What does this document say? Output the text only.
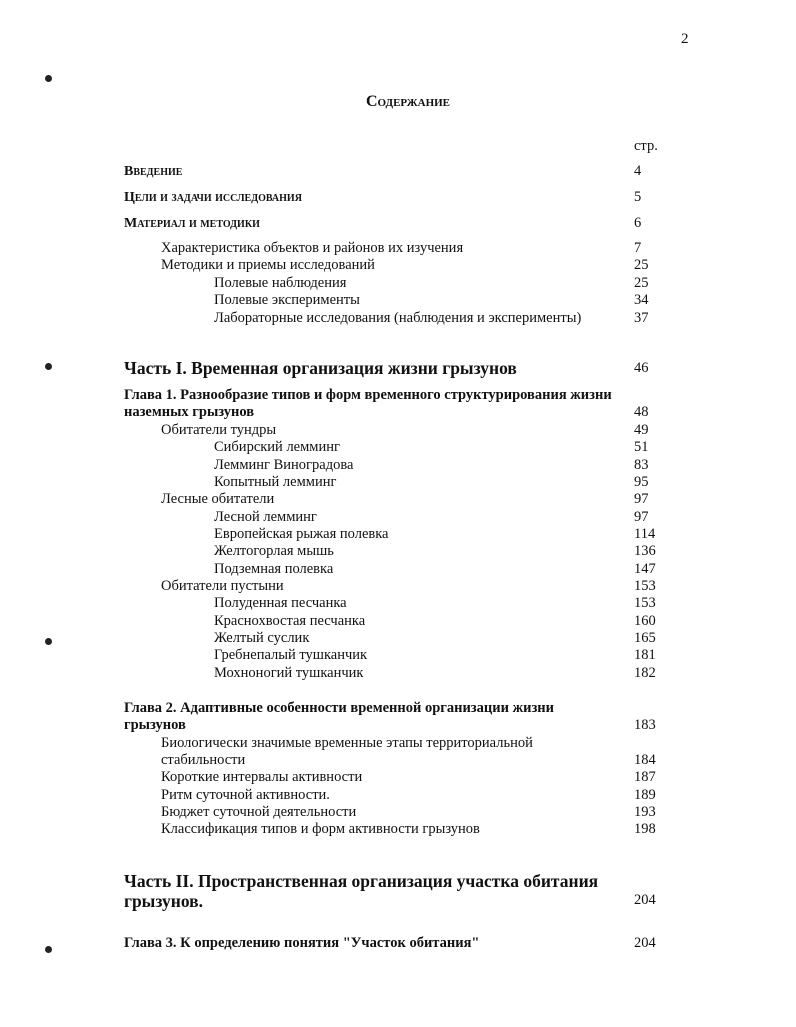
2
Содержание
стр.
Введение	4
Цели и задачи исследования	5
Материал и методики	6
Характеристика объектов и районов их изучения	7
Методики и приемы исследований	25
Полевые наблюдения	25
Полевые эксперименты	34
Лабораторные исследования (наблюдения и эксперименты)	37
Часть I. Временная организация жизни грызунов	46
Глава 1. Разнообразие типов и форм временного структурирования жизни
наземных грызунов	48
Обитатели тундры	49
Сибирский лемминг	51
Лемминг Виноградова	83
Копытный лемминг	95
Лесные обитатели	97
Лесной лемминг	97
Европейская рыжая полевка	114
Желтогорлая мышь	136
Подземная полевка	147
Обитатели пустыни	153
Полуденная песчанка	153
Краснохвостая песчанка	160
Желтый суслик	165
Гребнепалый тушканчик	181
Мохноногий тушканчик	182
Глава 2. Адаптивные особенности временной организации жизни
грызунов	183
Биологически значимые временные этапы территориальной
стабильности	184
Короткие интервалы активности	187
Ритм суточной активности.	189
Бюджет суточной деятельности	193
Классификация типов и форм активности грызунов	198
Часть II. Пространственная организация участка обитания
грызунов.	204
Глава 3. К определению понятия "Участок обитания"	204
